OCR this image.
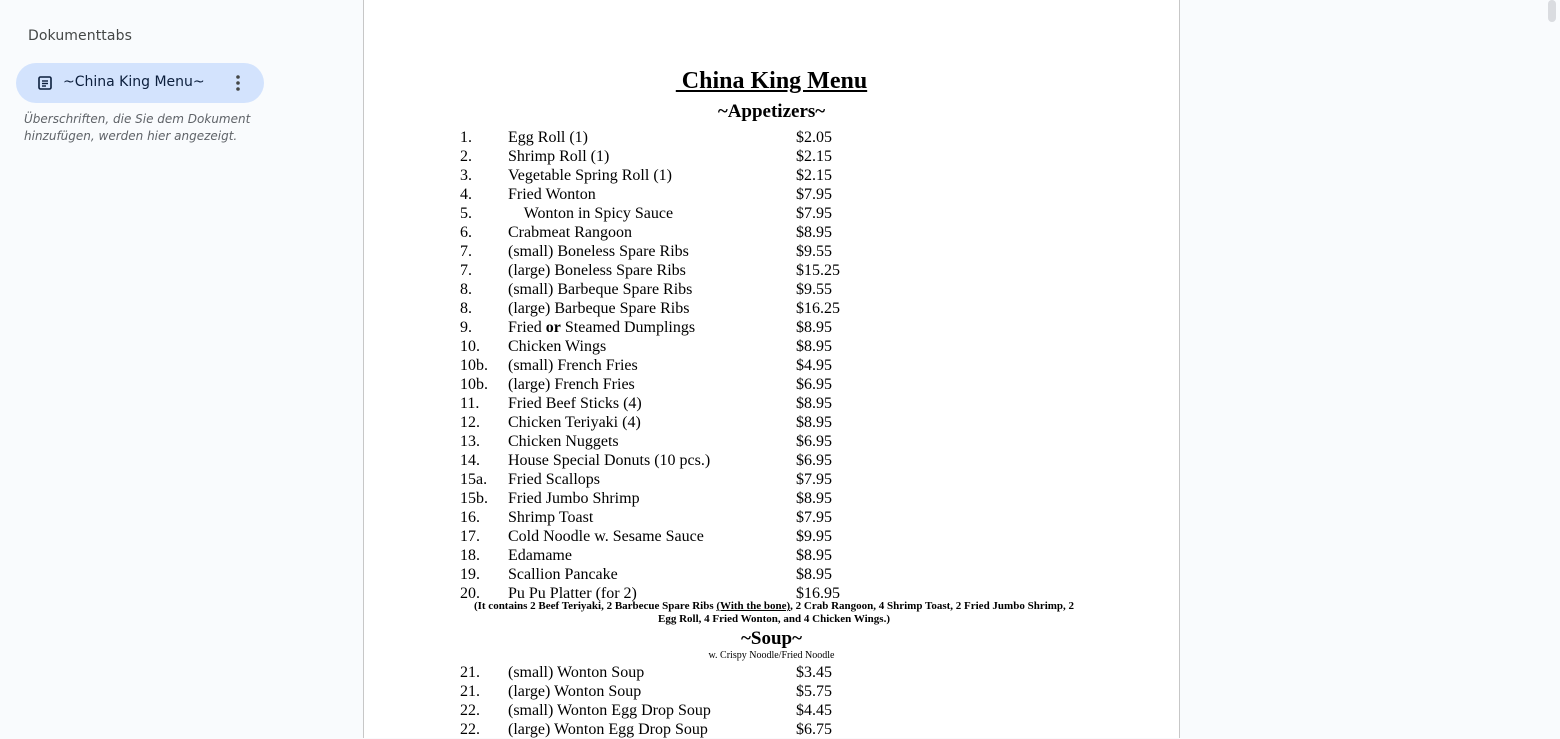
Dokumenttabs
~China King Menu~
Überschriften, die Sie dem Dokument hinzufügen, werden hier angezeigt.
China King Menu
~Appetizers~
1. Egg Roll (1)	$2.05
2. Shrimp Roll (1)	$2.15
3. Vegetable Spring Roll (1)	$2.15
4. Fried Wonton	$7.95
5. Wonton in Spicy Sauce	$7.95
6. Crabmeat Rangoon	$8.95
7. (small) Boneless Spare Ribs	$9.55
7. (large) Boneless Spare Ribs	$15.25
8. (small) Barbeque Spare Ribs	$9.55
8. (large) Barbeque Spare Ribs	$16.25
9. Fried or Steamed Dumplings	$8.95
10. Chicken Wings	$8.95
10b. (small) French Fries	$4.95
10b. (large) French Fries	$6.95
11. Fried Beef Sticks (4)	$8.95
12. Chicken Teriyaki (4)	$8.95
13. Chicken Nuggets	$6.95
14. House Special Donuts (10 pcs.)	$6.95
15a. Fried Scallops	$7.95
15b. Fried Jumbo Shrimp	$8.95
16. Shrimp Toast	$7.95
17. Cold Noodle w. Sesame Sauce	$9.95
18. Edamame	$8.95
19. Scallion Pancake	$8.95
20. Pu Pu Platter (for 2)	$16.95
(It contains 2 Beef Teriyaki, 2 Barbecue Spare Ribs (With the bone), 2 Crab Rangoon, 4 Shrimp Toast, 2 Fried Jumbo Shrimp, 2 Egg Roll, 4 Fried Wonton, and 4 Chicken Wings.)
~Soup~
w. Crispy Noodle/Fried Noodle
21. (small) Wonton Soup	$3.45
21. (large) Wonton Soup	$5.75
22. (small) Wonton Egg Drop Soup	$4.45
22. (large) Wonton Egg Drop Soup	$6.75
